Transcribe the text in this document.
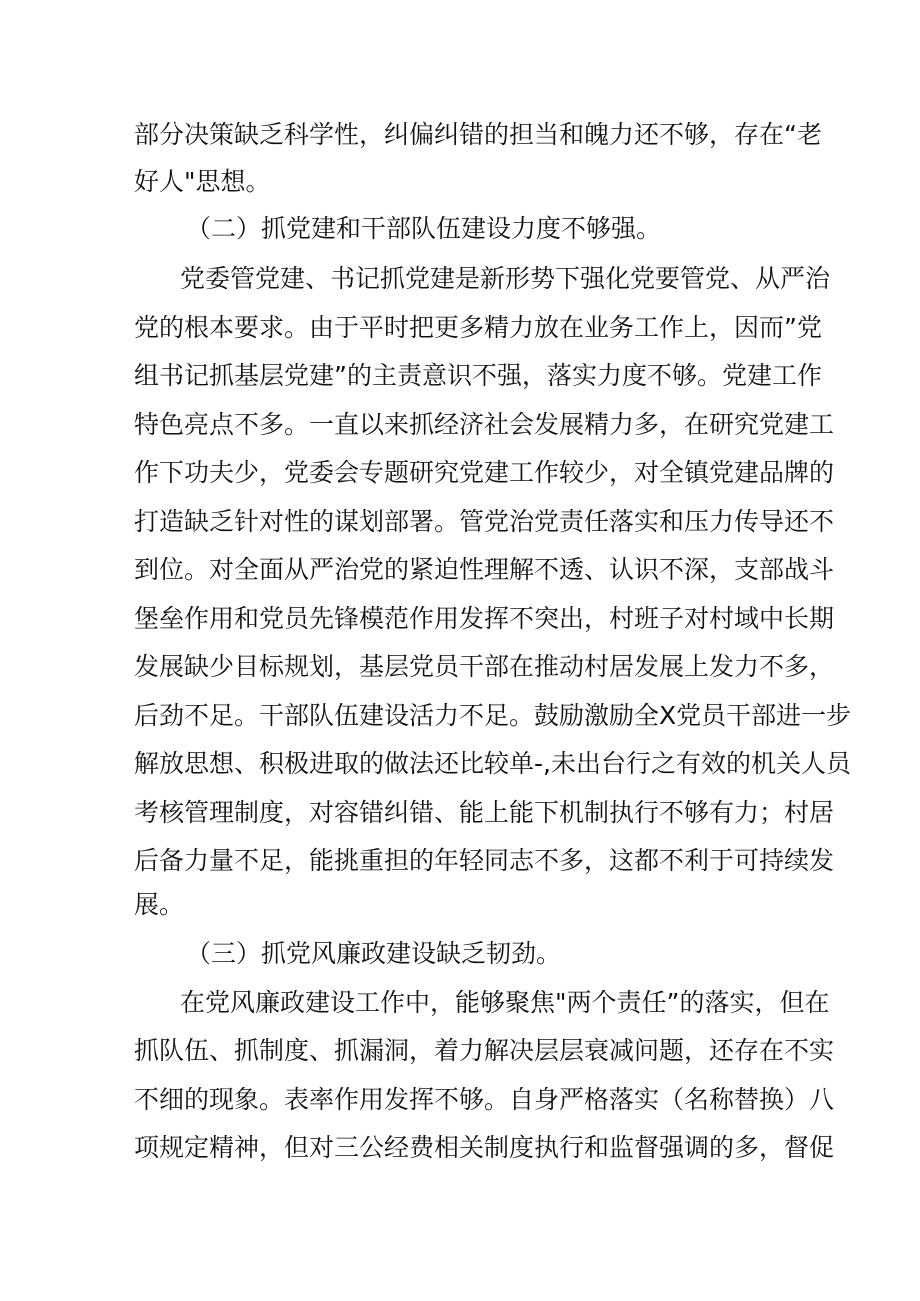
部分决策缺乏科学性，纠偏纠错的担当和魄力还不够，存在“老
好人"思想。
（二）抓党建和干部队伍建设力度不够强。
党委管党建、书记抓党建是新形势下强化党要管党、从严治
党的根本要求。由于平时把更多精力放在业务工作上，因而”党
组书记抓基层党建”的主责意识不强，落实力度不够。党建工作
特色亮点不多。一直以来抓经济社会发展精力多，在研究党建工
作下功夫少，党委会专题研究党建工作较少，对全镇党建品牌的
打造缺乏针对性的谋划部署。管党治党责任落实和压力传导还不
到位。对全面从严治党的紧迫性理解不透、认识不深，支部战斗
堡垒作用和党员先锋模范作用发挥不突出，村班子对村域中长期
发展缺少目标规划，基层党员干部在推动村居发展上发力不多，
后劲不足。干部队伍建设活力不足。鼓励激励全X党员干部进一步
解放思想、积极进取的做法还比较单-,未出台行之有效的机关人员
考核管理制度，对容错纠错、能上能下机制执行不够有力；村居
后备力量不足，能挑重担的年轻同志不多，这都不利于可持续发
展。
（三）抓党风廉政建设缺乏韧劲。
在党风廉政建设工作中，能够聚焦"两个责任”的落实，但在
抓队伍、抓制度、抓漏洞，着力解决层层衰减问题，还存在不实
不细的现象。表率作用发挥不够。自身严格落实（名称替换）八
项规定精神，但对三公经费相关制度执行和监督强调的多，督促
